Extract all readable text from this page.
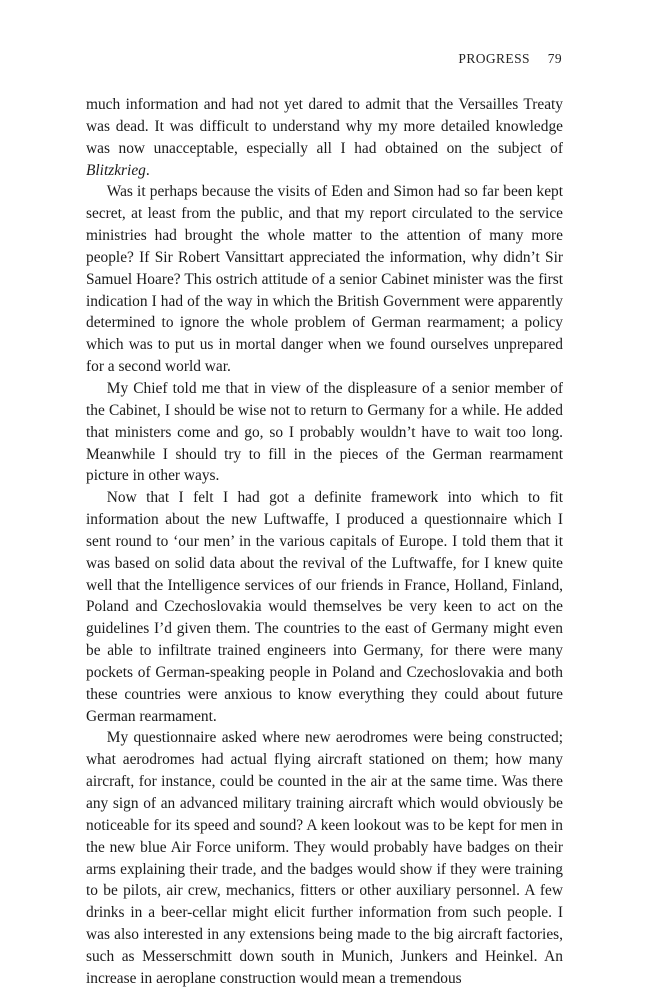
PROGRESS 79

much information and had not yet dared to admit that the Versailles Treaty was dead. It was difficult to understand why my more detailed knowledge was now unacceptable, especially all I had obtained on the subject of Blitzkrieg.

Was it perhaps because the visits of Eden and Simon had so far been kept secret, at least from the public, and that my report circulated to the service ministries had brought the whole matter to the attention of many more people? If Sir Robert Vansittart appreciated the information, why didn’t Sir Samuel Hoare? This ostrich attitude of a senior Cabinet minister was the first indication I had of the way in which the British Government were apparently determined to ignore the whole problem of German rearmament; a policy which was to put us in mortal danger when we found ourselves unprepared for a second world war.

My Chief told me that in view of the displeasure of a senior member of the Cabinet, I should be wise not to return to Germany for a while. He added that ministers come and go, so I probably wouldn’t have to wait too long. Meanwhile I should try to fill in the pieces of the German rearmament picture in other ways.

Now that I felt I had got a definite framework into which to fit information about the new Luftwaffe, I produced a questionnaire which I sent round to ‘our men’ in the various capitals of Europe. I told them that it was based on solid data about the revival of the Luftwaffe, for I knew quite well that the Intelligence services of our friends in France, Holland, Finland, Poland and Czechoslovakia would themselves be very keen to act on the guidelines I’d given them. The countries to the east of Germany might even be able to infiltrate trained engineers into Germany, for there were many pockets of German-speaking people in Poland and Czechoslovakia and both these countries were anxious to know everything they could about future German rearmament.

My questionnaire asked where new aerodromes were being constructed; what aerodromes had actual flying aircraft stationed on them; how many aircraft, for instance, could be counted in the air at the same time. Was there any sign of an advanced military training aircraft which would obviously be noticeable for its speed and sound? A keen lookout was to be kept for men in the new blue Air Force uniform. They would probably have badges on their arms explaining their trade, and the badges would show if they were training to be pilots, air crew, mechanics, fitters or other auxiliary personnel. A few drinks in a beer-cellar might elicit further information from such people. I was also interested in any extensions being made to the big aircraft factories, such as Messerschmitt down south in Munich, Junkers and Heinkel. An increase in aeroplane construction would mean a tremendous
